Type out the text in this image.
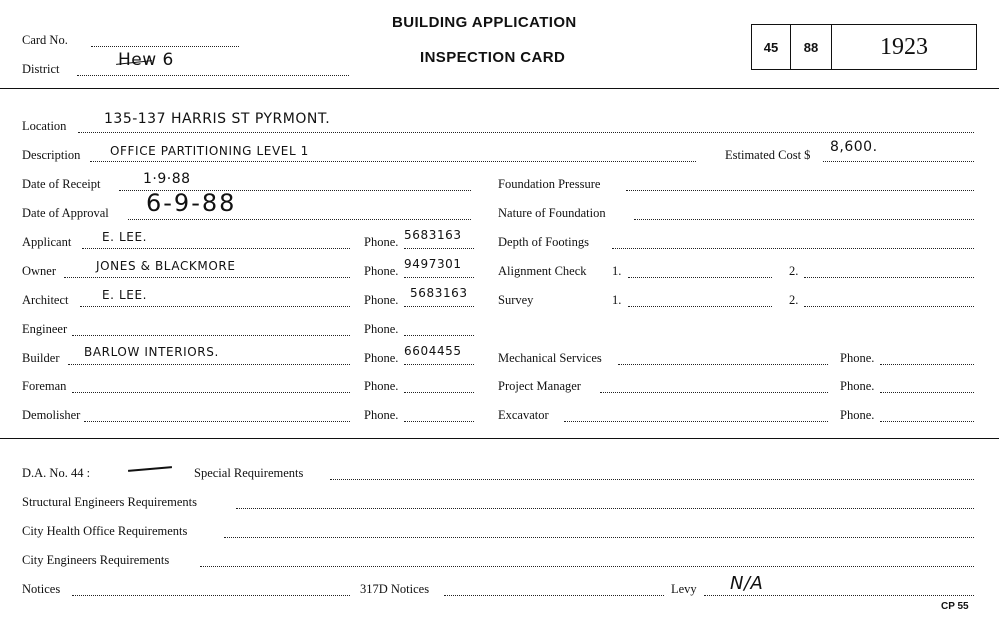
Card No.
District	Hew 6
BUILDING APPLICATION
INSPECTION CARD
45	88	1923
Location	135-137 HARRIS ST PYRMONT.
Description OFFICE PARTITIONING LEVEL 1	Estimated Cost $ 8,600.
Date of Receipt	1·9·88
Date of Approval 6-9-88
Applicant	E. LEE.	Phone. 5683163
Owner	JONES & BLACKMORE	Phone. 9497301
Architect	E. LEE.	Phone. 5683163
Engineer	Phone.
Builder BARLOW INTERIORS.	Phone. 6604455
Foreman	Phone.
Demolisher	Phone.
Foundation Pressure
Nature of Foundation
Depth of Footings
Alignment Check 1.	2.
Survey	1.	2.
Mechanical Services	Phone.
Project Manager	Phone.
Excavator	Phone.
D.A. No. 44 :	Special Requirements
Structural Engineers Requirements
City Health Office Requirements
City Engineers Requirements
Notices	317D Notices	Levy N/A
CP 55
